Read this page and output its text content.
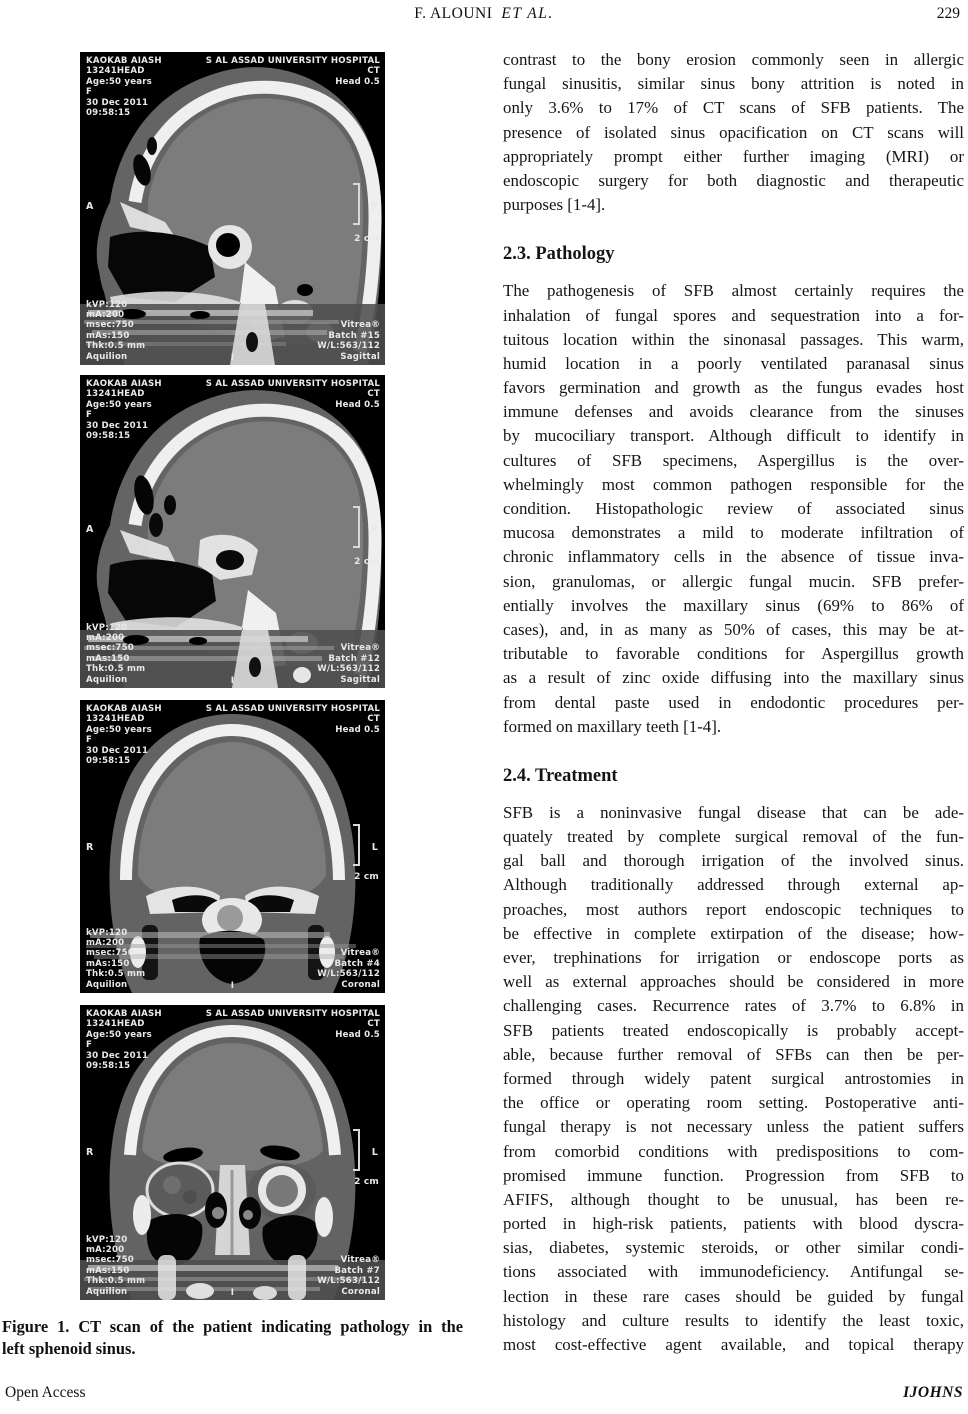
F. ALOUNI ET AL.	229
KAOKAB AIASH
13241HEAD
Age:50 years
F
30 Dec 2011
09:58:15
S AL ASSAD UNIVERSITY HOSPITAL
CT
Head 0.5
kVP:120
mA:200
msec:750
mAs:150
Thk:0.5 mm
Aquilion
Vitrea®
Batch #15
W/L:563/112
Sagittal
A	P
2 cm
I
KAOKAB AIASH
13241HEAD
Age:50 years
F
30 Dec 2011
09:58:15
S AL ASSAD UNIVERSITY HOSPITAL
CT
Head 0.5
kVP:120
mA:200
msec:750
mAs:150
Thk:0.5 mm
Aquilion
Vitrea®
Batch #12
W/L:563/112
Sagittal
A	P
2 cm
I
KAOKAB AIASH
13241HEAD
Age:50 years
F
30 Dec 2011
09:58:15
S AL ASSAD UNIVERSITY HOSPITAL
CT
Head 0.5
kVP:120
mA:200
msec:750
mAs:150
Thk:0.5 mm
Aquilion
Vitrea®
Batch #4
W/L:563/112
Coronal
R	L
2 cm
I
KAOKAB AIASH
13241HEAD
Age:50 years
F
30 Dec 2011
09:58:15
S AL ASSAD UNIVERSITY HOSPITAL
CT
Head 0.5
kVP:120
mA:200
msec:750
mAs:150
Thk:0.5 mm
Aquilion
Vitrea®
Batch #7
W/L:563/112
Coronal
R	L
2 cm
I
Figure 1. CT scan of the patient indicating pathology in the
left sphenoid sinus.
contrast to the bony erosion commonly seen in allergic
fungal sinusitis, similar sinus bony attrition is noted in
only 3.6% to 17% of CT scans of SFB patients. The
presence of isolated sinus opacification on CT scans will
appropriately prompt either further imaging (MRI) or
endoscopic surgery for both diagnostic and therapeutic
purposes [1-4].
2.3. Pathology
The pathogenesis of SFB almost certainly requires the
inhalation of fungal spores and sequestration into a for-
tuitous location within the sinonasal passages. This warm,
humid location in a poorly ventilated paranasal sinus
favors germination and growth as the fungus evades host
immune defenses and avoids clearance from the sinuses
by mucociliary transport. Although difficult to identify in
cultures of SFB specimens, Aspergillus is the over-
whelmingly most common pathogen responsible for the
condition. Histopathologic review of associated sinus
mucosa demonstrates a mild to moderate infiltration of
chronic inflammatory cells in the absence of tissue inva-
sion, granulomas, or allergic fungal mucin. SFB prefer-
entially involves the maxillary sinus (69% to 86% of
cases), and, in as many as 50% of cases, this may be at-
tributable to favorable conditions for Aspergillus growth
as a result of zinc oxide diffusing into the maxillary sinus
from dental paste used in endodontic procedures per-
formed on maxillary teeth [1-4].
2.4. Treatment
SFB is a noninvasive fungal disease that can be ade-
quately treated by complete surgical removal of the fun-
gal ball and thorough irrigation of the involved sinus.
Although traditionally addressed through external ap-
proaches, most authors report endoscopic techniques to
be effective in complete extirpation of the disease; how-
ever, trephinations for irrigation or endoscope ports as
well as external approaches should be considered in more
challenging cases. Recurrence rates of 3.7% to 6.8% in
SFB patients treated endoscopically is probably accept-
able, because further removal of SFBs can then be per-
formed through widely patent surgical antrostomies in
the office or operating room setting. Postoperative anti-
fungal therapy is not necessary unless the patient suffers
from comorbid conditions with predispositions to com-
promised immune function. Progression from SFB to
AFIFS, although thought to be unusual, has been re-
ported in high-risk patients, patients with blood dyscra-
sias, diabetes, systemic steroids, or other similar condi-
tions associated with immunodeficiency. Antifungal se-
lection in these rare cases should be guided by fungal
histology and culture results to identify the least toxic,
most cost-effective agent available, and topical therapy
Open Access	IJOHNS
